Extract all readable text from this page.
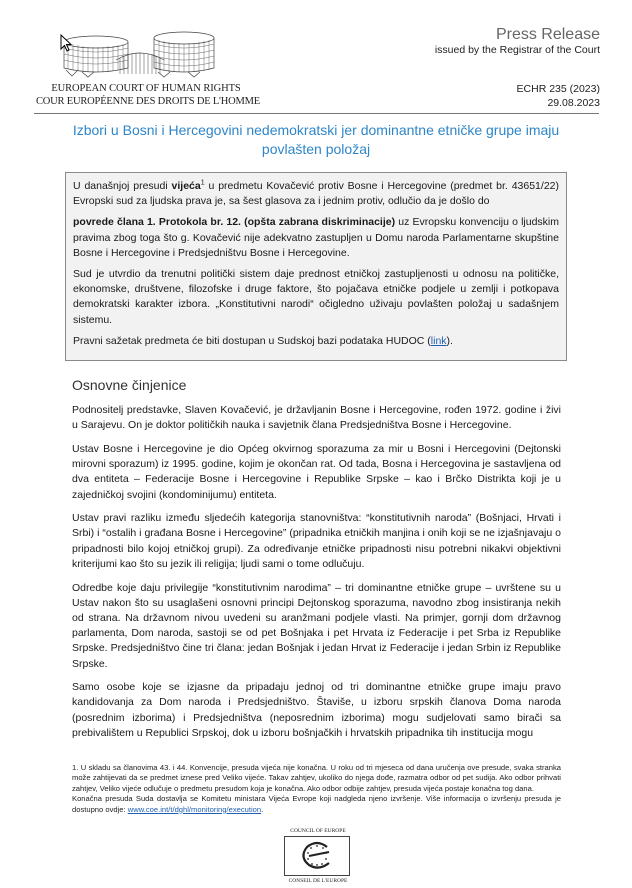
EUROPEAN COURT OF HUMAN RIGHTS
COUR EUROPÉENNE DES DROITS DE L'HOMME
Press Release
issued by the Registrar of the Court
ECHR 235 (2023)
29.08.2023
Izbori u Bosni i Hercegovini nedemokratski jer dominantne etničke grupe imaju povlašten položaj

U današnjoj presudi vijeća$^1$ u predmetu Kovačević protiv Bosne i Hercegovine (predmet br. 43651/22) Evropski sud za ljudska prava je, sa šest glasova za i jednim protiv, odlučio da je došlo do

povrede člana 1. Protokola br. 12. (opšta zabrana diskriminacije) uz Evropsku konvenciju o ljudskim pravima zbog toga što g. Kovačević nije adekvatno zastupljen u Domu naroda Parlamentarne skupštine Bosne i Hercegovine i Predsjedništvu Bosne i Hercegovine.

Sud je utvrdio da trenutni politički sistem daje prednost etničkoj zastupljenosti u odnosu na političke, ekonomske, društvene, filozofske i druge faktore, što pojačava etničke podjele u zemlji i potkopava demokratski karakter izbora. „Konstitutivni narodi“ očigledno uživaju povlašten položaj u sadašnjem sistemu.

Pravni sažetak predmeta će biti dostupan u Sudskoj bazi podataka HUDOC (link).

Osnovne činjenice

Podnositelj predstavke, Slaven Kovačević, je državljanin Bosne i Hercegovine, rođen 1972. godine i živi u Sarajevu. On je doktor političkih nauka i savjetnik člana Predsjedništva Bosne i Hercegovine.

Ustav Bosne i Hercegovine je dio Općeg okvirnog sporazuma za mir u Bosni i Hercegovini (Dejtonski mirovni sporazum) iz 1995. godine, kojim je okončan rat. Od tada, Bosna i Hercegovina je sastavljena od dva entiteta – Federacije Bosne i Hercegovine i Republike Srpske – kao i Brčko Distrikta koji je u zajedničkoj svojini (kondominijumu) entiteta.

Ustav pravi razliku između sljedećih kategorija stanovništva: “konstitutivnih naroda” (Bošnjaci, Hrvati i Srbi) i “ostalih i građana Bosne i Hercegovine” (pripadnika etničkih manjina i onih koji se ne izjašnjavaju o pripadnosti bilo kojoj etničkoj grupi). Za određivanje etničke pripadnosti nisu potrebni nikakvi objektivni kriterijumi kao što su jezik ili religija; ljudi sami o tome odlučuju.

Odredbe koje daju privilegije “konstitutivnim narodima” – tri dominantne etničke grupe – uvrštene su u Ustav nakon što su usaglašeni osnovni principi Dejtonskog sporazuma, navodno zbog insistiranja nekih od strana. Na državnom nivou uvedeni su aranžmani podjele vlasti. Na primjer, gornji dom državnog parlamenta, Dom naroda, sastoji se od pet Bošnjaka i pet Hrvata iz Federacije i pet Srba iz Republike Srpske. Predsjedništvo čine tri člana: jedan Bošnjak i jedan Hrvat iz Federacije i jedan Srbin iz Republike Srpske.

Samo osobe koje se izjasne da pripadaju jednoj od tri dominantne etničke grupe imaju pravo kandidovanja za Dom naroda i Predsjedništvo. Štaviše, u izboru srpskih članova Doma naroda (posrednim izborima) i Predsjedništva (neposrednim izborima) mogu sudjelovati samo birači sa prebivalištem u Republici Srpskoj, dok u izboru bošnjačkih i hrvatskih pripadnika tih institucija mogu

1. U skladu sa članovima 43. i 44. Konvencije, presuda vijeća nije konačna. U roku od tri mjeseca od dana uručenja ove presude, svaka stranka može zahtijevati da se predmet iznese pred Veliko vijeće. Takav zahtjev, ukoliko do njega dođe, razmatra odbor od pet sudija. Ako odbor prihvati zahtjev, Veliko vijeće odlučuje o predmetu presudom koja je konačna. Ako odbor odbije zahtjev, presuda vijeća postaje konačna tog dana.

Konačna presuda Suda dostavlja se Komitetu ministara Vijeća Evrope koji nadgleda njeno izvršenje. Više informacija o izvršenju presuda je dostupno ovdje: www.coe.int/t/dghl/monitoring/execution.

COUNCIL OF EUROPE
CONSEIL DE L'EUROPE
